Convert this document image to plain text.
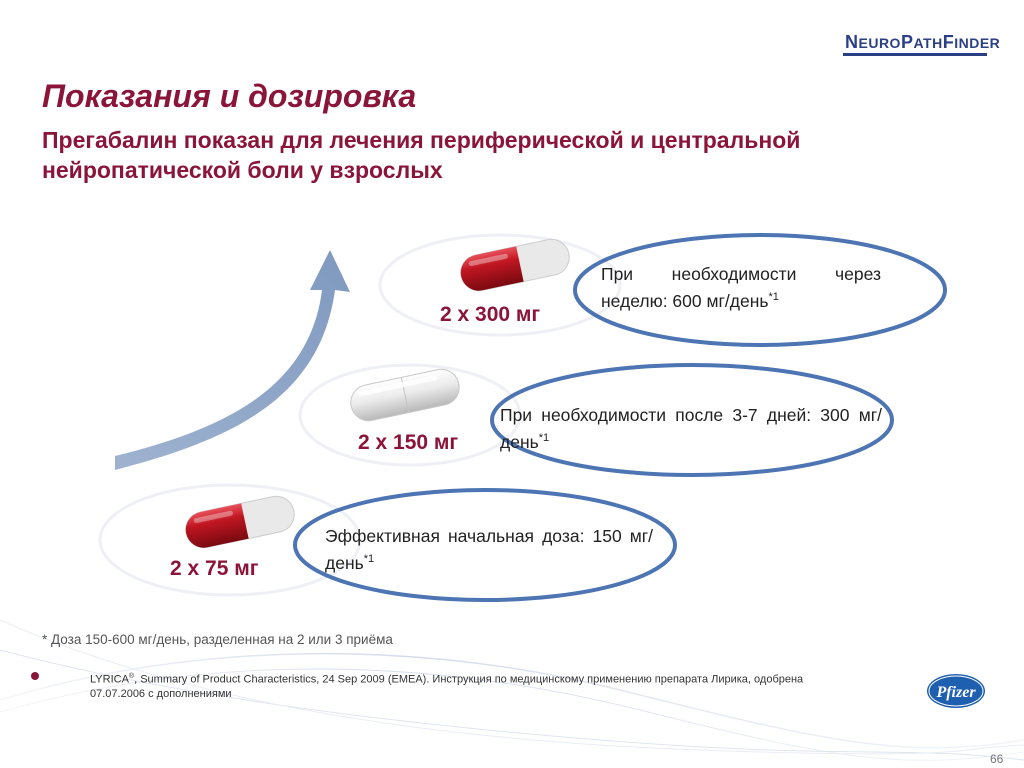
NEUROPATHFINDER
Показания и дозировка
Прегабалин показан для лечения периферической и центральной нейропатической боли у взрослых
2 x 75 мг
2 x 150 мг
2 x 300 мг
Эффективная начальная доза: 150 мг/день$^{*1}$
При необходимости после 3-7 дней: 300 мг/день$^{*1}$
При необходимости через неделю: 600 мг/день$^{*1}$
* Доза 150-600 мг/день, разделенная на 2 или 3 приёма
LYRICA®, Summary of Product Characteristics, 24 Sep 2009 (EMEA). Инструкция по медицинскому применению препарата Лирика, одобрена 07.07.2006 с дополнениями	Pfizer
66
